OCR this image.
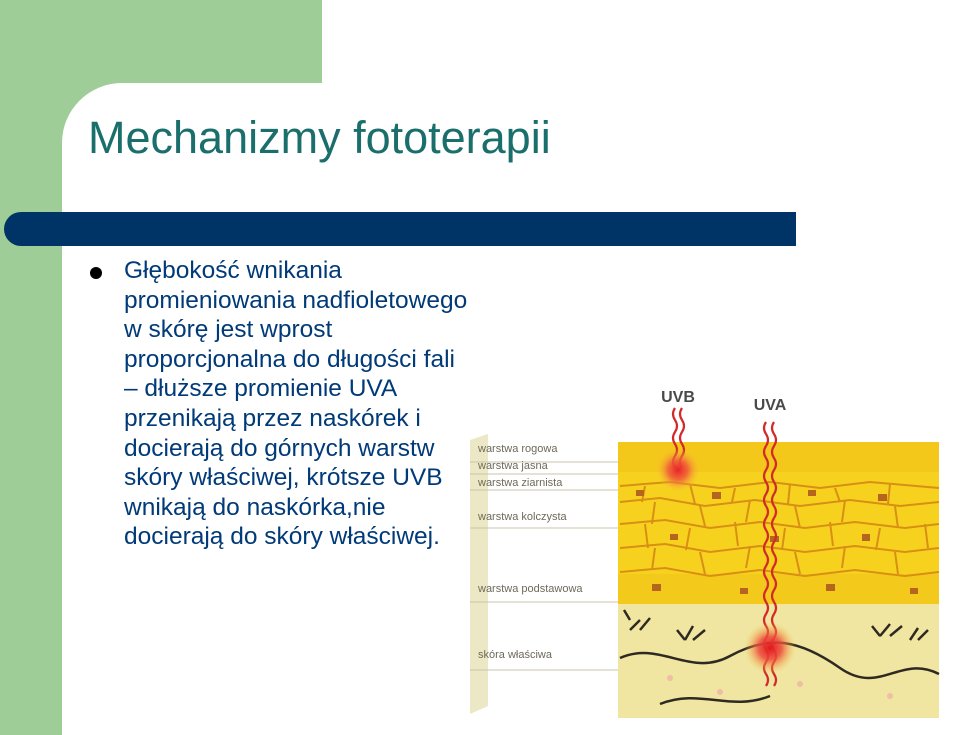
Mechanizmy fototerapii
Głębokość wnikania promieniowania nadfioletowego w skórę jest wprost proporcjonalna do długości fali – dłuższe promienie UVA przenikają przez naskórek i docierają do górnych warstw skóry właściwej, krótsze UVB wnikają do naskórka,nie docierają do skóry właściwej.
warstwa rogowa
warstwa jasna
warstwa ziarnista
warstwa kolczysta
warstwa podstawowa
skóra właściwa
UVB	UVA
